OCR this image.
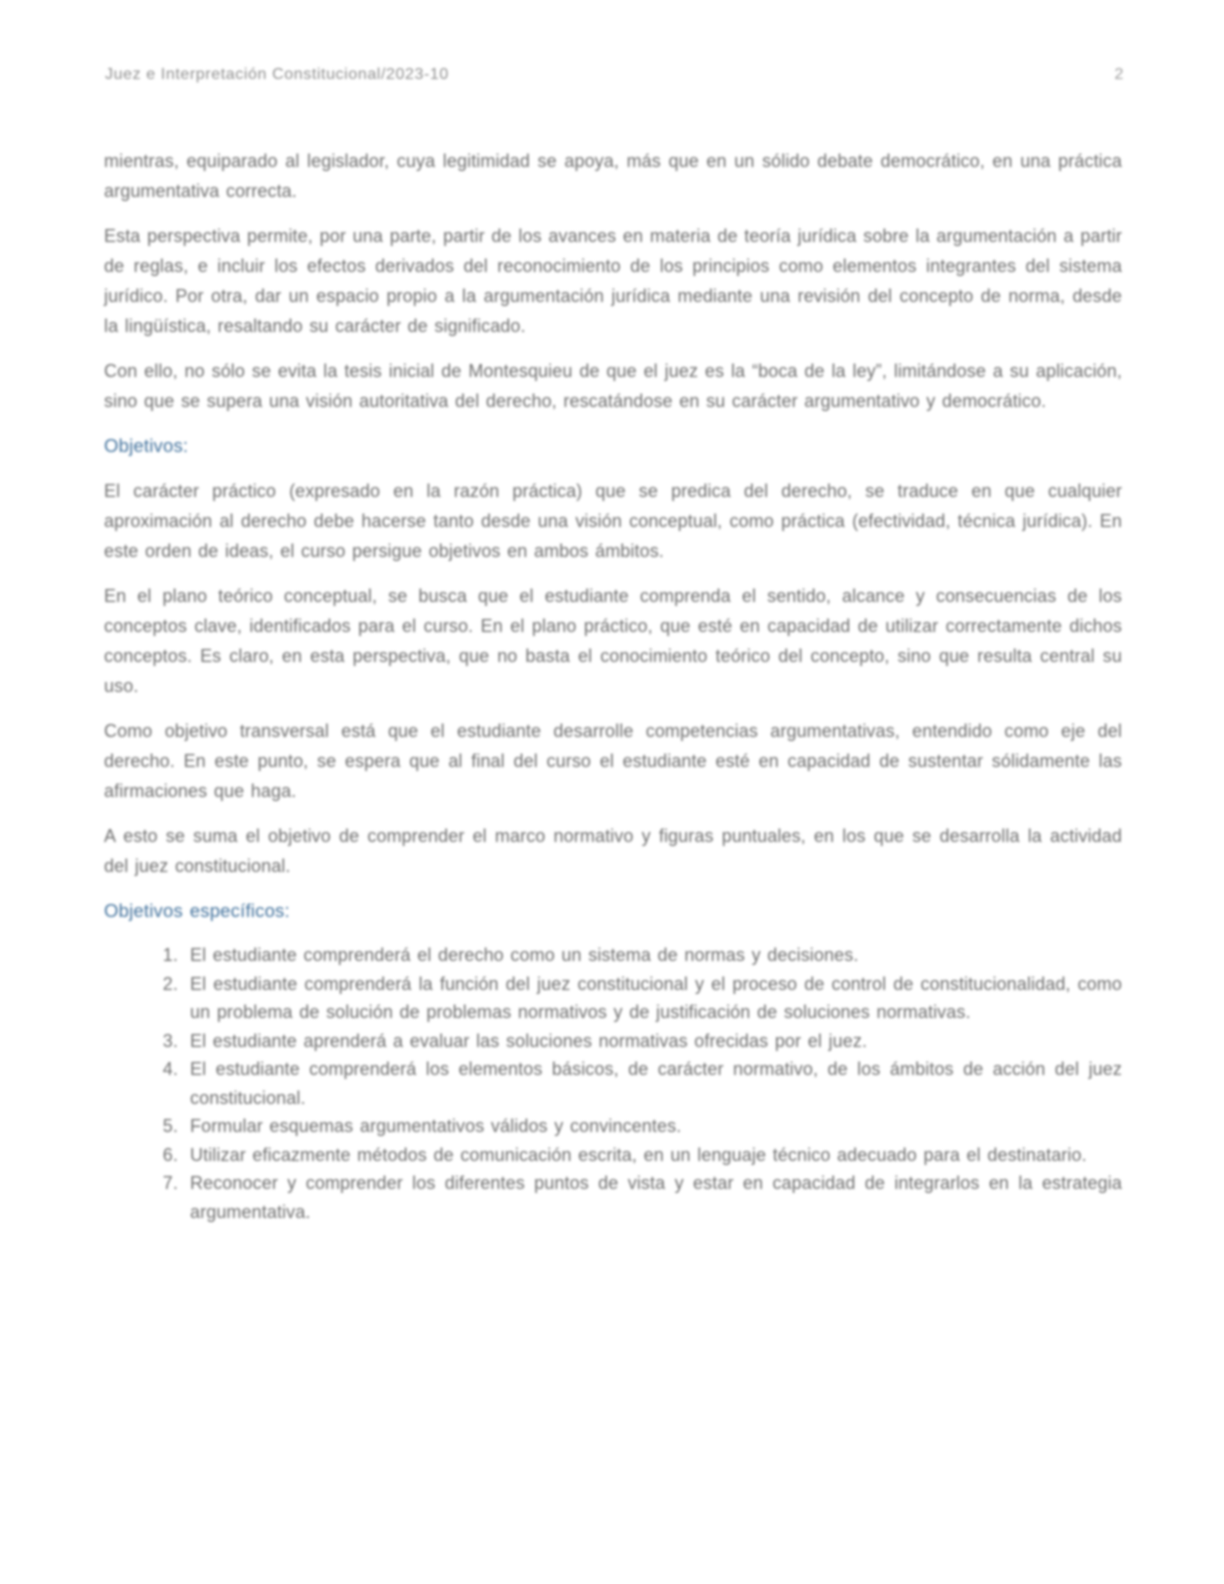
Juez e Interpretación Constitucional/2023-10	2

mientras, equiparado al legislador, cuya legitimidad se apoya, más que en un sólido debate democrático, en una práctica argumentativa correcta.

Esta perspectiva permite, por una parte, partir de los avances en materia de teoría jurídica sobre la argumentación a partir de reglas, e incluir los efectos derivados del reconocimiento de los principios como elementos integrantes del sistema jurídico. Por otra, dar un espacio propio a la argumentación jurídica mediante una revisión del concepto de norma, desde la lingüística, resaltando su carácter de significado.

Con ello, no sólo se evita la tesis inicial de Montesquieu de que el juez es la “boca de la ley”, limitándose a su aplicación, sino que se supera una visión autoritativa del derecho, rescatándose en su carácter argumentativo y democrático.

Objetivos:

El carácter práctico (expresado en la razón práctica) que se predica del derecho, se traduce en que cualquier aproximación al derecho debe hacerse tanto desde una visión conceptual, como práctica (efectividad, técnica jurídica). En este orden de ideas, el curso persigue objetivos en ambos ámbitos.

En el plano teórico conceptual, se busca que el estudiante comprenda el sentido, alcance y consecuencias de los conceptos clave, identificados para el curso. En el plano práctico, que esté en capacidad de utilizar correctamente dichos conceptos. Es claro, en esta perspectiva, que no basta el conocimiento teórico del concepto, sino que resulta central su uso.

Como objetivo transversal está que el estudiante desarrolle competencias argumentativas, entendido como eje del derecho. En este punto, se espera que al final del curso el estudiante esté en capacidad de sustentar sólidamente las afirmaciones que haga.

A esto se suma el objetivo de comprender el marco normativo y figuras puntuales, en los que se desarrolla la actividad del juez constitucional.

Objetivos específicos:
1. El estudiante comprenderá el derecho como un sistema de normas y decisiones.
2. El estudiante comprenderá la función del juez constitucional y el proceso de control de constitucionalidad, como un problema de solución de problemas normativos y de justificación de soluciones normativas.
3. El estudiante aprenderá a evaluar las soluciones normativas ofrecidas por el juez.
4. El estudiante comprenderá los elementos básicos, de carácter normativo, de los ámbitos de acción del juez constitucional.
5. Formular esquemas argumentativos válidos y convincentes.
6. Utilizar eficazmente métodos de comunicación escrita, en un lenguaje técnico adecuado para el destinatario.
7. Reconocer y comprender los diferentes puntos de vista y estar en capacidad de integrarlos en la estrategia argumentativa.
